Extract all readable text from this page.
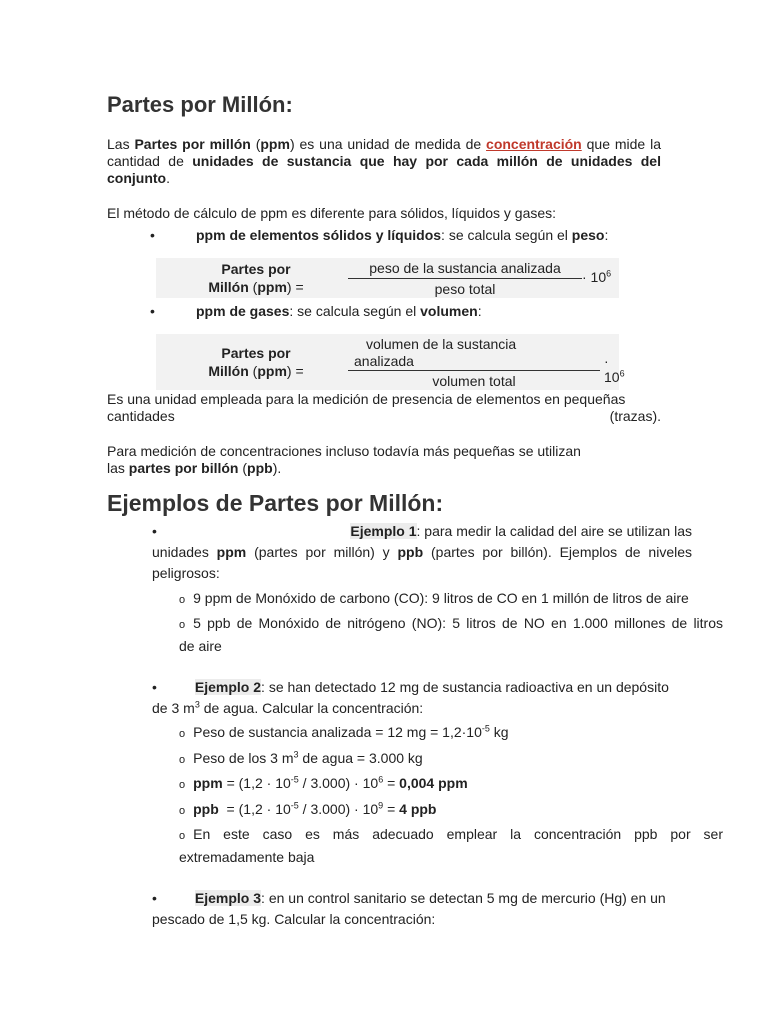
Partes por Millón:
Las Partes por millón (ppm) es una unidad de medida de concentración que mide la cantidad de unidades de sustancia que hay por cada millón de unidades del conjunto.
El método de cálculo de ppm es diferente para sólidos, líquidos y gases:
•	ppm de elementos sólidos y líquidos: se calcula según el peso:
Partes por
Millón (ppm) =
peso de la sustancia analizada
peso total
· $10^6$
•	ppm de gases: se calcula según el volumen:
Partes por
Millón (ppm) =
volumen de la sustancia
analizada
volumen total
· $10^6$
Es una unidad empleada para la medición de presencia de elementos en pequeñas
cantidades	(trazas).
Para medición de concentraciones incluso todavía más pequeñas se utilizan
las partes por billón (ppb).
Ejemplos de Partes por Millón:
•	Ejemplo 1: para medir la calidad del aire se utilizan las
unidades ppm (partes por millón) y ppb (partes por billón). Ejemplos de niveles
peligrosos:
o 9 ppm de Monóxido de carbono (CO): 9 litros de CO en 1 millón de litros de aire
o 5 ppb de Monóxido de nitrógeno (NO): 5 litros de NO en 1.000 millones de litros
de aire
•	Ejemplo 2: se han detectado 12 mg de sustancia radioactiva en un depósito
de 3 $m^3$ de agua. Calcular la concentración:
o Peso de sustancia analizada = 12 mg = $1,2\cdot 10^{-5}$ kg
o Peso de los 3 $m^3$ de agua = 3.000 kg
o ppm = $(1,2 \cdot 10^{-5} / 3.000) \cdot 10^6 = 0,004$ ppm
o ppb  = $(1,2 \cdot 10^{-5} / 3.000) \cdot 10^9 = 4$ ppb
o En este caso es más adecuado emplear la concentración ppb por ser
extremadamente baja
•	Ejemplo 3: en un control sanitario se detectan 5 mg de mercurio (Hg) en un
pescado de 1,5 kg. Calcular la concentración:
